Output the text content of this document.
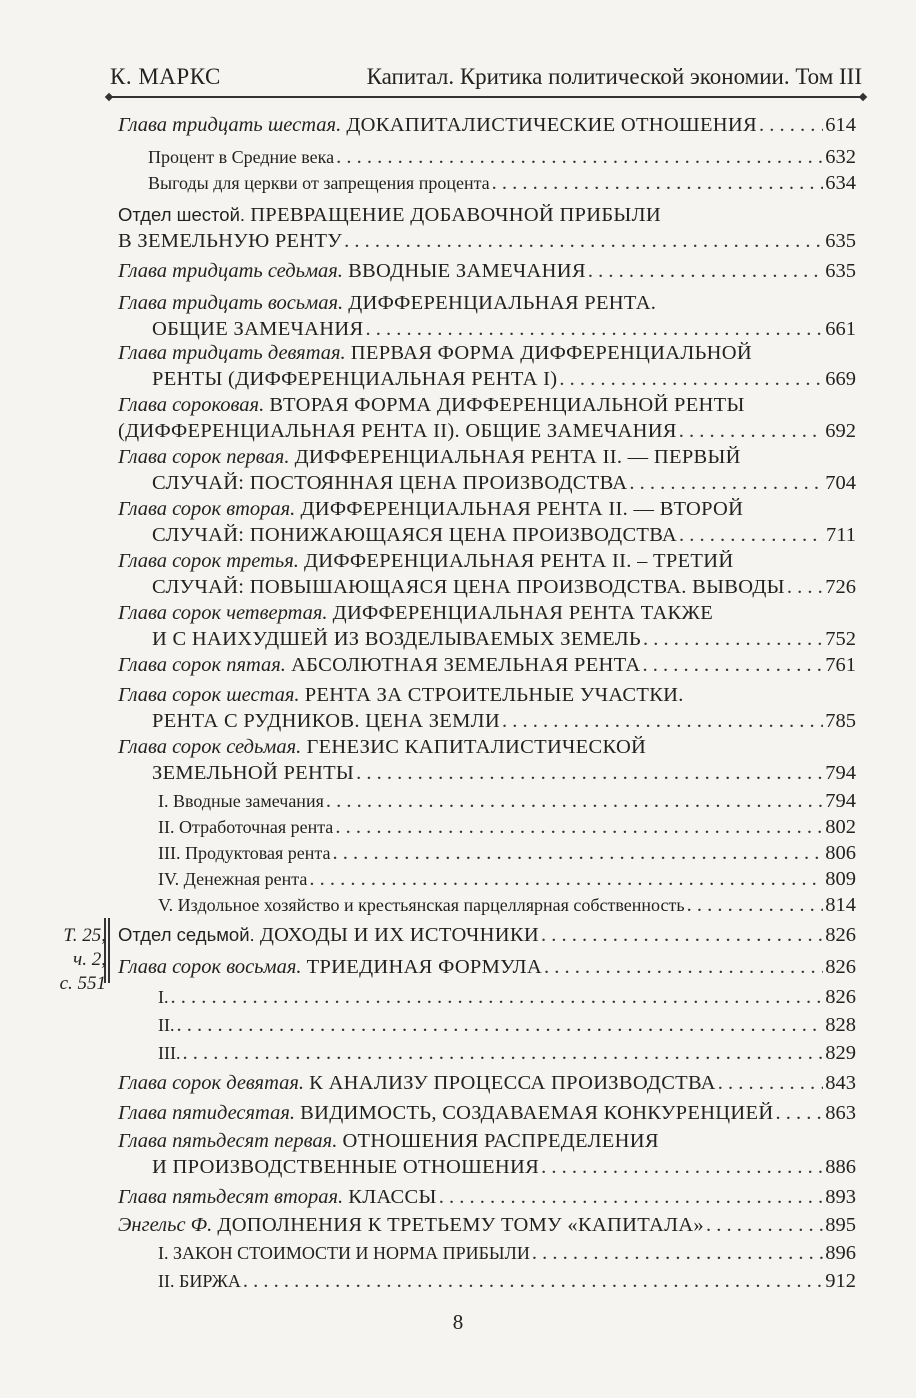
К. МАРКС	Капитал. Критика политической экономии. Том III
Глава тридцать шестая. ДОКАПИТАЛИСТИЧЕСКИЕ ОТНОШЕНИЯ . . .	614
Процент в Средние века . . .	632
Выгоды для церкви от запрещения процента . . .	634
Отдел шестой. ПРЕВРАЩЕНИЕ ДОБАВОЧНОЙ ПРИБЫЛИ
В ЗЕМЕЛЬНУЮ РЕНТУ . . .	635
Глава тридцать седьмая. ВВОДНЫЕ ЗАМЕЧАНИЯ . . .	635
Глава тридцать восьмая. ДИФФЕРЕНЦИАЛЬНАЯ РЕНТА.
ОБЩИЕ ЗАМЕЧАНИЯ . . .	661
Глава тридцать девятая. ПЕРВАЯ ФОРМА ДИФФЕРЕНЦИАЛЬНОЙ
РЕНТЫ (ДИФФЕРЕНЦИАЛЬНАЯ РЕНТА I) . . .	669
Глава сороковая. ВТОРАЯ ФОРМА ДИФФЕРЕНЦИАЛЬНОЙ РЕНТЫ
(ДИФФЕРЕНЦИАЛЬНАЯ РЕНТА II). ОБЩИЕ ЗАМЕЧАНИЯ . . .	692
Глава сорок первая. ДИФФЕРЕНЦИАЛЬНАЯ РЕНТА II. — ПЕРВЫЙ
СЛУЧАЙ: ПОСТОЯННАЯ ЦЕНА ПРОИЗВОДСТВА . . .	704
Глава сорок вторая. ДИФФЕРЕНЦИАЛЬНАЯ РЕНТА II. — ВТОРОЙ
СЛУЧАЙ: ПОНИЖАЮЩАЯСЯ ЦЕНА ПРОИЗВОДСТВА . . .	711
Глава сорок третья. ДИФФЕРЕНЦИАЛЬНАЯ РЕНТА II. – ТРЕТИЙ
СЛУЧАЙ: ПОВЫШАЮЩАЯСЯ ЦЕНА ПРОИЗВОДСТВА. ВЫВОДЫ . . . 726
Глава сорок четвертая. ДИФФЕРЕНЦИАЛЬНАЯ РЕНТА ТАКЖЕ
И С НАИХУДШЕЙ ИЗ ВОЗДЕЛЫВАЕМЫХ ЗЕМЕЛЬ . . .	752
Глава сорок пятая. АБСОЛЮТНАЯ ЗЕМЕЛЬНАЯ РЕНТА . . .	761
Глава сорок шестая. РЕНТА ЗА СТРОИТЕЛЬНЫЕ УЧАСТКИ.
РЕНТА С РУДНИКОВ. ЦЕНА ЗЕМЛИ . . .	785
Глава сорок седьмая. ГЕНЕЗИС КАПИТАЛИСТИЧЕСКОЙ
ЗЕМЕЛЬНОЙ РЕНТЫ . . .	794
I. Вводные замечания . . .	794
II. Отработочная рента . . .	802
III. Продуктовая рента . . .	806
IV. Денежная рента . . .	809
V. Издольное хозяйство и крестьянская парцеллярная собственность . . .	814
Отдел седьмой. ДОХОДЫ И ИХ ИСТОЧНИКИ . . .	826
Глава сорок восьмая. ТРИЕДИНАЯ ФОРМУЛА . . .	826
I. . . .	826
II. . . .	828
III. . . .	829
Глава сорок девятая. К АНАЛИЗУ ПРОЦЕССА ПРОИЗВОДСТВА . . .	843
Глава пятидесятая. ВИДИМОСТЬ, СОЗДАВАЕМАЯ КОНКУРЕНЦИЕЙ . . .	863
Глава пятьдесят первая. ОТНОШЕНИЯ РАСПРЕДЕЛЕНИЯ
И ПРОИЗВОДСТВЕННЫЕ ОТНОШЕНИЯ . . .	886
Глава пятьдесят вторая. КЛАССЫ . . .	893
Энгельс Ф. ДОПОЛНЕНИЯ К ТРЕТЬЕМУ ТОМУ «КАПИТАЛА» . . .	895
I. ЗАКОН СТОИМОСТИ И НОРМА ПРИБЫЛИ . . .	896
II. БИРЖА . . .	912
Т. 25,
ч. 2,
с. 551
8
